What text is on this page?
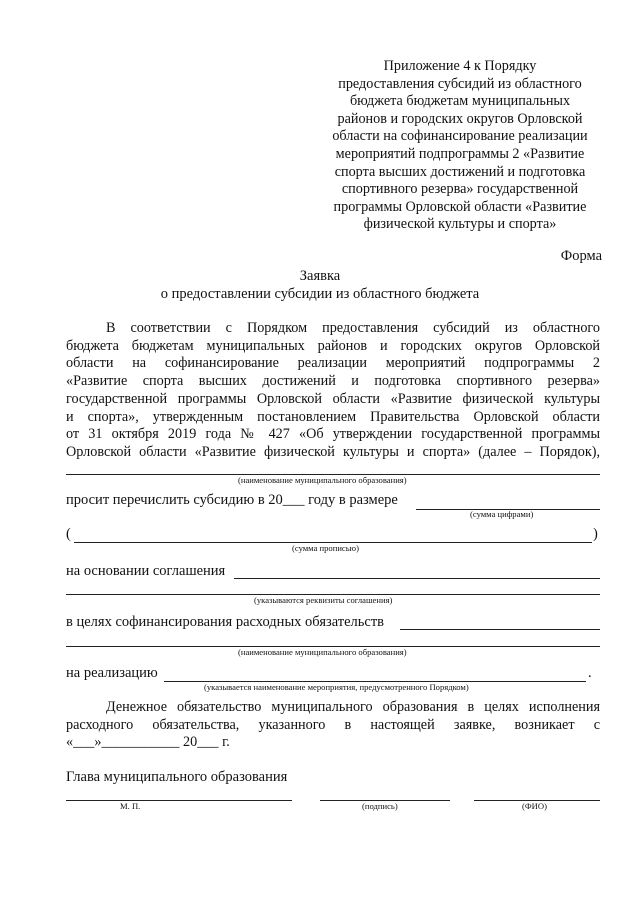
Приложение 4 к Порядку
предоставления субсидий из областного
бюджета бюджетам муниципальных
районов и городских округов Орловской
области на софинансирование реализации
мероприятий подпрограммы 2 «Развитие
спорта высших достижений и подготовка
спортивного резерва» государственной
программы Орловской области «Развитие
физической культуры и спорта»
Форма
Заявка
о предоставлении субсидии из областного бюджета
В соответствии с Порядком предоставления субсидий из областного
бюджета бюджетам муниципальных районов и городских округов Орловской
области на софинансирование реализации мероприятий подпрограммы 2
«Развитие спорта высших достижений и подготовка спортивного резерва»
государственной программы Орловской области «Развитие физической культуры
и спорта», утвержденным постановлением Правительства Орловской области
от 31 октября 2019 года № 427 «Об утверждении государственной программы
Орловской области «Развитие физической культуры и спорта» (далее – Порядок),
(наименование муниципального образования)
просит перечислить субсидию в 20___ году в размере
(сумма цифрами)
(	)
(сумма прописью)
на основании соглашения
(указываются реквизиты соглашения)
в целях софинансирования расходных обязательств
(наименование муниципального образования)
на реализацию	.
(указывается наименование мероприятия, предусмотренного Порядком)
Денежное обязательство муниципального образования в целях исполнения
расходного обязательства, указанного в настоящей заявке, возникает с
«___»___________ 20___ г.
Глава муниципального образования
М. П.	(подпись)	(ФИО)
